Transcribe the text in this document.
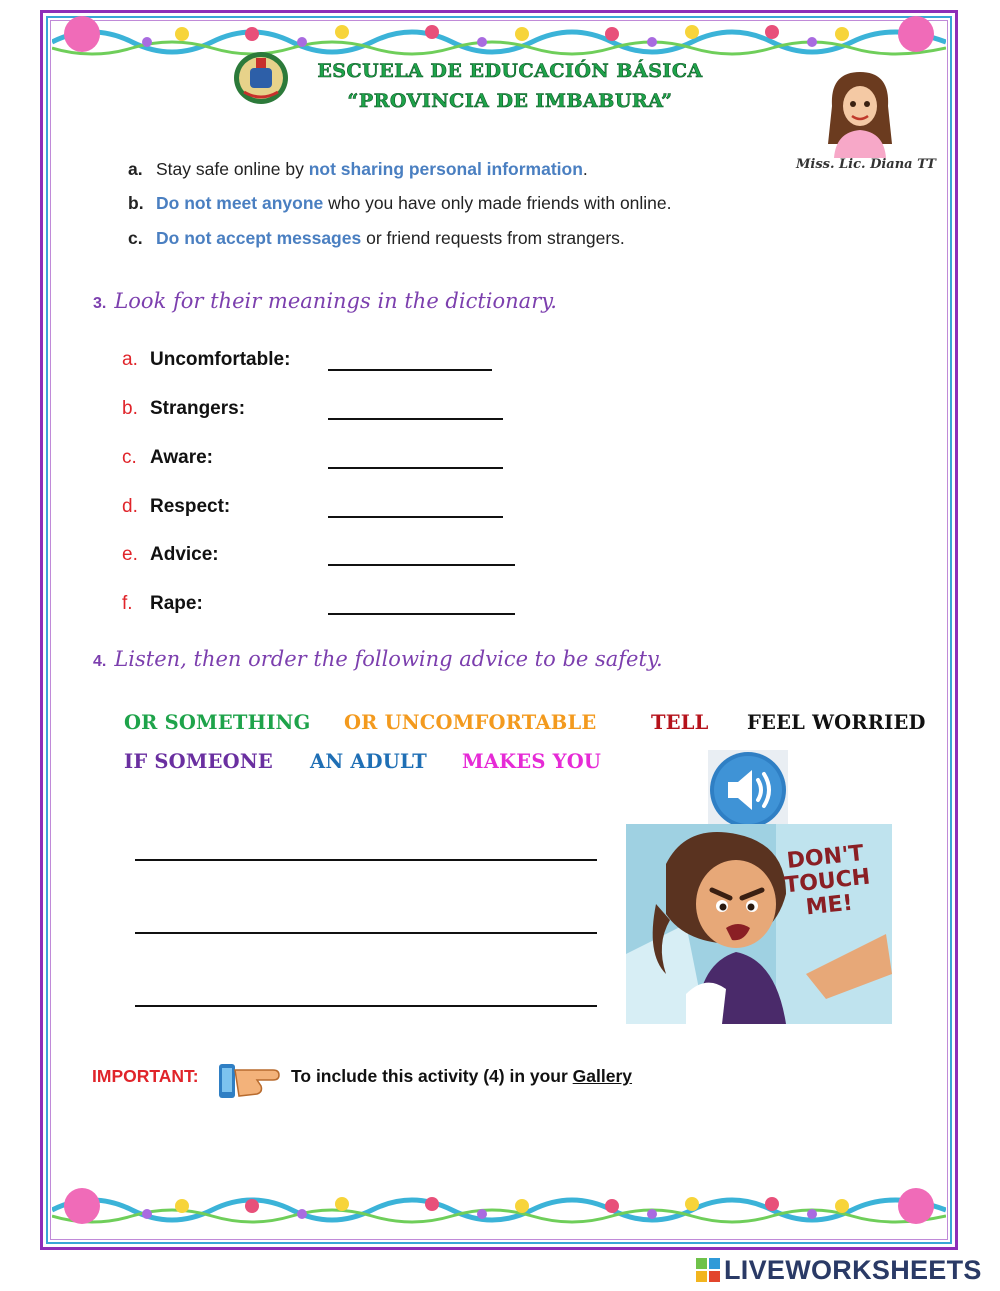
ESCUELA DE EDUCACIÓN BÁSICA
“PROVINCIA DE IMBABURA”
Miss. Lic. Diana TT
a. Stay safe online by not sharing personal information.
b. Do not meet anyone who you have only made friends with online.
c. Do not accept messages or friend requests from strangers.
3. Look for their meanings in the dictionary.
a. Uncomfortable:
b. Strangers:
c. Aware:
d. Respect:
e. Advice:
f. Rape:
4. Listen, then order the following advice to be safety.
OR SOMETHING OR UNCOMFORTABLE	TELL FEEL WORRIED
IF SOMEONE AN ADULT MAKES YOU
DON'T
TOUCH
ME!
IMPORTANT:	To include this activity (4) in your Gallery
LIVEWORKSHEETS
